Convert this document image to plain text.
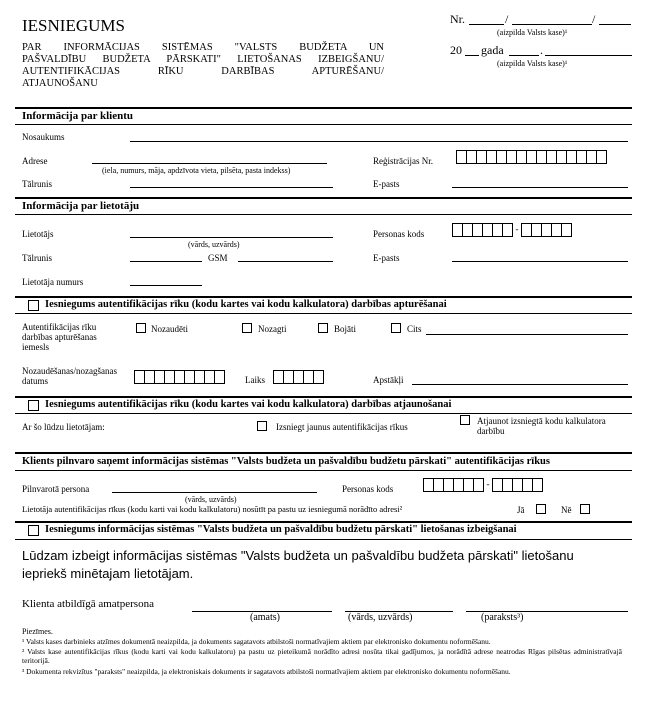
IESNIEGUMS
PAR INFORMĀCIJAS SISTĒMAS "VALSTS BUDŽETA UN
PAŠVALDĪBU BUDŽETA PĀRSKATI" LIETOŠANAS IZBEIGŠANU/
AUTENTIFIKĀCIJAS RĪKU DARBĪBAS APTURĒŠANU/
ATJAUNOŠANU
Nr.	/	/
(aizpilda Valsts kase)¹
20 gada	.
(aizpilda Valsts kase)¹
Informācija par klientu
Nosaukums
Adrese
(iela, numurs, māja, apdzīvota vieta, pilsēta, pasta indekss)
Reģistrācijas Nr.
Tālrunis	E-pasts
Informācija par lietotāju
Lietotājs
(vārds, uzvārds)
Personas kods	-
Tālrunis	GSM	E-pasts
Lietotāja numurs
Iesniegums autentifikācijas rīku (kodu kartes vai kodu kalkulatora) darbības apturēšanai
Autentifikācijas rīku
darbības apturēšanas
iemesls
Nozaudēti	Nozagti	Bojāti	Cits
Nozaudēšanas/nozagšanas
datums	Laiks	Apstākļi
Iesniegums autentifikācijas rīku (kodu kartes vai kodu kalkulatora) darbības atjaunošanai
Ar šo lūdzu lietotājam:	Izsniegt jaunus autentifikācijas rīkus
Atjaunot izsniegtā kodu kalkulatora
darbību
Klients pilnvaro saņemt informācijas sistēmas "Valsts budžeta un pašvaldību budžetu pārskati" autentifikācijas rīkus
Pilnvarotā persona
(vārds, uzvārds)
Personas kods	-
Lietotāja autentifikācijas rīkus (kodu karti vai kodu kalkulatoru) nosūtīt pa pastu uz iesniegumā norādīto adresi²	Jā	Nē
Iesniegums informācijas sistēmas "Valsts budžeta un pašvaldību budžetu pārskati" lietošanas izbeigšanai
Lūdzam izbeigt informācijas sistēmas "Valsts budžeta un pašvaldību budžeta pārskati" lietošanu
iepriekš minētajam lietotājam.
Klienta atbildīgā amatpersona
(amats)	(vārds, uzvārds)	(paraksts³)
Piezīmes.
¹ Valsts kases darbinieks atzīmes dokumentā neaizpilda, ja dokuments sagatavots atbilstoši normatīvajiem aktiem par elektronisko dokumentu noformēšanu.
² Valsts kase autentifikācijas rīkus (kodu karti vai kodu kalkulatoru) pa pastu uz pieteikumā norādīto adresi nosūta tikai gadījumos, ja norādītā adrese neatrodas Rīgas pilsētas administratīvajā teritorijā.
³ Dokumenta rekvizītus "paraksts" neaizpilda, ja elektroniskais dokuments ir sagatavots atbilstoši normatīvajiem aktiem par elektronisko dokumentu noformēšanu.
